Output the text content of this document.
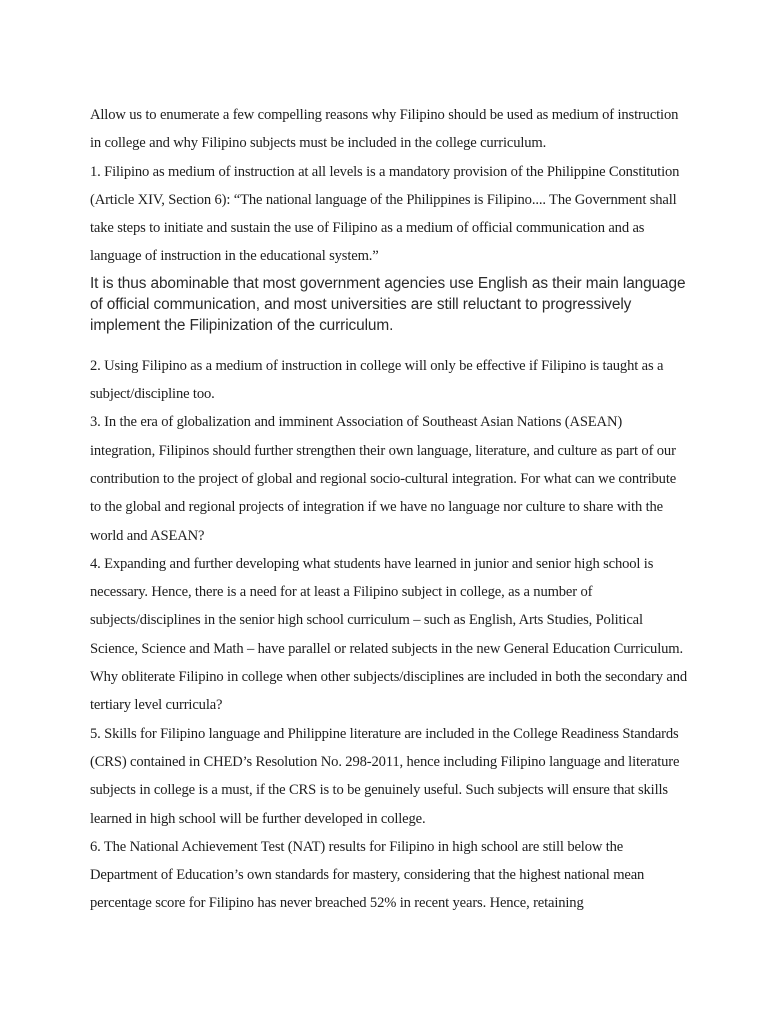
Allow us to enumerate a few compelling reasons why Filipino should be used as medium of instruction in college and why Filipino subjects must be included in the college curriculum.

1. Filipino as medium of instruction at all levels is a mandatory provision of the Philippine Constitution (Article XIV, Section 6): “The national language of the Philippines is Filipino.... The Government shall take steps to initiate and sustain the use of Filipino as a medium of official communication and as language of instruction in the educational system.”

It is thus abominable that most government agencies use English as their main language of official communication, and most universities are still reluctant to progressively implement the Filipinization of the curriculum.

2. Using Filipino as a medium of instruction in college will only be effective if Filipino is taught as a subject/discipline too.

3. In the era of globalization and imminent Association of Southeast Asian Nations (ASEAN) integration, Filipinos should further strengthen their own language, literature, and culture as part of our contribution to the project of global and regional socio-cultural integration. For what can we contribute to the global and regional projects of integration if we have no language nor culture to share with the world and ASEAN?

4. Expanding and further developing what students have learned in junior and senior high school is necessary. Hence, there is a need for at least a Filipino subject in college, as a number of subjects/disciplines in the senior high school curriculum – such as English, Arts Studies, Political Science, Science and Math – have parallel or related subjects in the new General Education Curriculum. Why obliterate Filipino in college when other subjects/disciplines are included in both the secondary and tertiary level curricula?

5. Skills for Filipino language and Philippine literature are included in the College Readiness Standards (CRS) contained in CHED’s Resolution No. 298-2011, hence including Filipino language and literature subjects in college is a must, if the CRS is to be genuinely useful. Such subjects will ensure that skills learned in high school will be further developed in college.

6. The National Achievement Test (NAT) results for Filipino in high school are still below the Department of Education’s own standards for mastery, considering that the highest national mean percentage score for Filipino has never breached 52% in recent years. Hence, retaining
